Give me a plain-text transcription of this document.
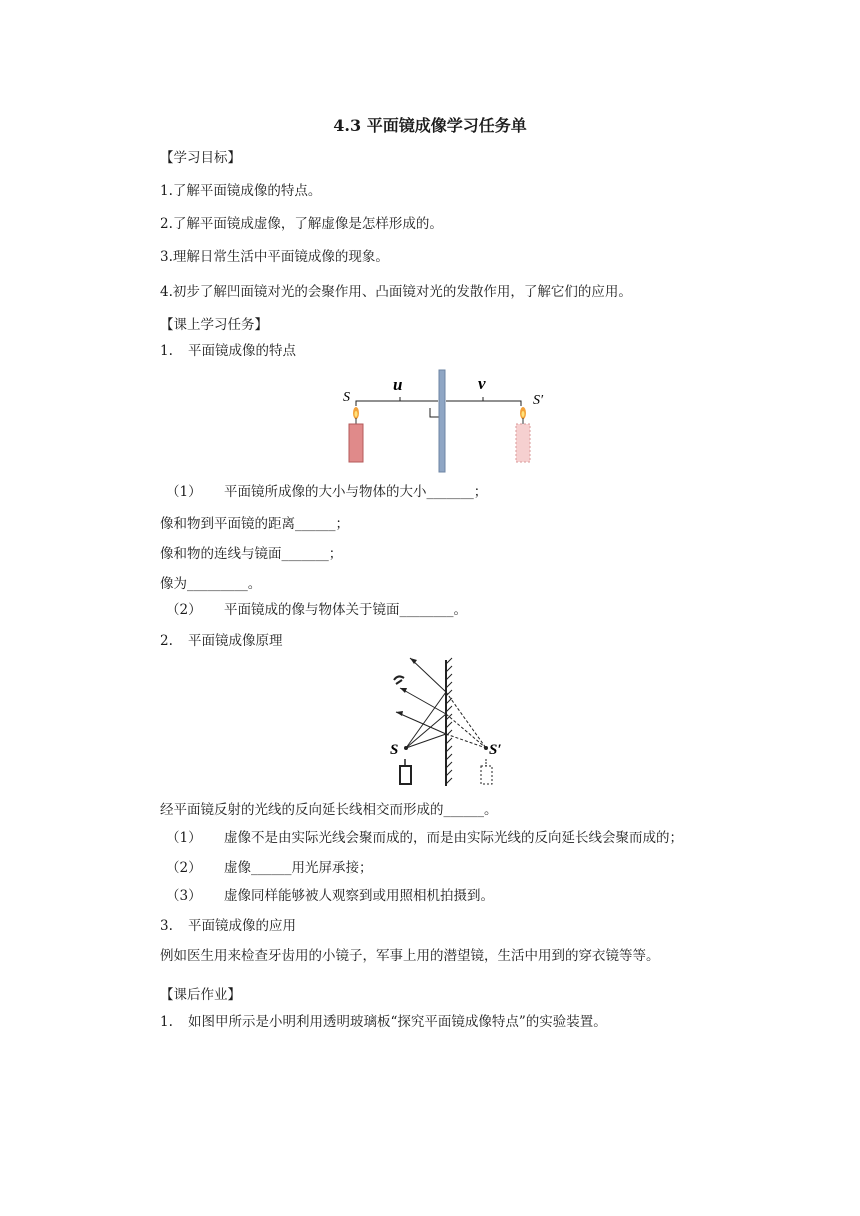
4.3 平面镜成像学习任务单
【学习目标】
1.了解平面镜成像的特点。
2.了解平面镜成虚像，了解虚像是怎样形成的。
3.理解日常生活中平面镜成像的现象。
4.初步了解凹面镜对光的会聚作用、凸面镜对光的发散作用，了解它们的应用。
【课上学习任务】
1. 平面镜成像的特点
S
u	v
S′
（1） 平面镜所成像的大小与物体的大小_______；
像和物到平面镜的距离______；
像和物的连线与镜面_______；
像为_________。
（2） 平面镜成的像与物体关于镜面________。
2. 平面镜成像原理
S	S′
经平面镜反射的光线的反向延长线相交而形成的______。
（1） 虚像不是由实际光线会聚而成的，而是由实际光线的反向延长线会聚而成的；
（2） 虚像______用光屏承接；
（3） 虚像同样能够被人观察到或用照相机拍摄到。
3. 平面镜成像的应用
例如医生用来检查牙齿用的小镜子，军事上用的潜望镜，生活中用到的穿衣镜等等。
【课后作业】
1. 如图甲所示是小明利用透明玻璃板“探究平面镜成像特点”的实验装置。
